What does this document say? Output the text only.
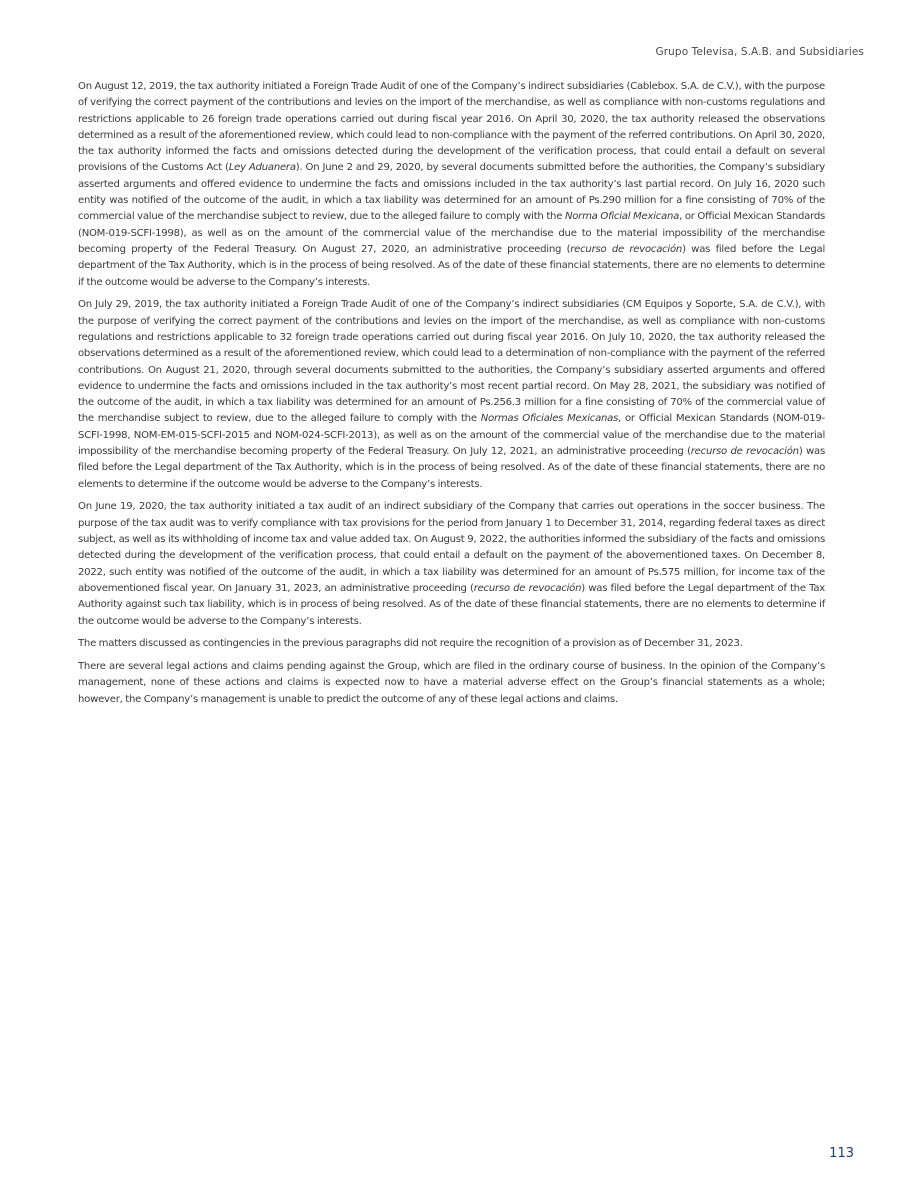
Grupo Televisa, S.A.B. and Subsidiaries

On August 12, 2019, the tax authority initiated a Foreign Trade Audit of one of the Company’s indirect subsidiaries (Cablebox. S.A. de C.V.), with the purpose of verifying the correct payment of the contributions and levies on the import of the merchandise, as well as compliance with non-customs regulations and restrictions applicable to 26 foreign trade operations carried out during fiscal year 2016. On April 30, 2020, the tax authority released the observations determined as a result of the aforementioned review, which could lead to non-compliance with the payment of the referred contributions. On April 30, 2020, the tax authority informed the facts and omissions detected during the development of the verification process, that could entail a default on several provisions of the Customs Act (Ley Aduanera). On June 2 and 29, 2020, by several documents submitted before the authorities, the Company’s subsidiary asserted arguments and offered evidence to undermine the facts and omissions included in the tax authority’s last partial record. On July 16, 2020 such entity was notified of the outcome of the audit, in which a tax liability was determined for an amount of Ps.290 million for a fine consisting of 70% of the commercial value of the merchandise subject to review, due to the alleged failure to comply with the Norma Oficial Mexicana, or Official Mexican Standards (NOM-019-SCFI-1998), as well as on the amount of the commercial value of the merchandise due to the material impossibility of the merchandise becoming property of the Federal Treasury. On August 27, 2020, an administrative proceeding (recurso de revocación) was filed before the Legal department of the Tax Authority, which is in the process of being resolved. As of the date of these financial statements, there are no elements to determine if the outcome would be adverse to the Company’s interests.

On July 29, 2019, the tax authority initiated a Foreign Trade Audit of one of the Company’s indirect subsidiaries (CM Equipos y Soporte, S.A. de C.V.), with the purpose of verifying the correct payment of the contributions and levies on the import of the merchandise, as well as compliance with non-customs regulations and restrictions applicable to 32 foreign trade operations carried out during fiscal year 2016. On July 10, 2020, the tax authority released the observations determined as a result of the aforementioned review, which could lead to a determination of non-compliance with the payment of the referred contributions. On August 21, 2020, through several documents submitted to the authorities, the Company’s subsidiary asserted arguments and offered evidence to undermine the facts and omissions included in the tax authority’s most recent partial record. On May 28, 2021, the subsidiary was notified of the outcome of the audit, in which a tax liability was determined for an amount of Ps.256.3 million for a fine consisting of 70% of the commercial value of the merchandise subject to review, due to the alleged failure to comply with the Normas Oficiales Mexicanas, or Official Mexican Standards (NOM-019- SCFI-1998, NOM-EM-015-SCFI-2015 and NOM-024-SCFI-2013), as well as on the amount of the commercial value of the merchandise due to the material impossibility of the merchandise becoming property of the Federal Treasury. On July 12, 2021, an administrative proceeding (recurso de revocación) was filed before the Legal department of the Tax Authority, which is in the process of being resolved. As of the date of these financial statements, there are no elements to determine if the outcome would be adverse to the Company’s interests.

On June 19, 2020, the tax authority initiated a tax audit of an indirect subsidiary of the Company that carries out operations in the soccer business. The purpose of the tax audit was to verify compliance with tax provisions for the period from January 1 to December 31, 2014, regarding federal taxes as direct subject, as well as its withholding of income tax and value added tax. On August 9, 2022, the authorities informed the subsidiary of the facts and omissions detected during the development of the verification process, that could entail a default on the payment of the abovementioned taxes. On December 8, 2022, such entity was notified of the outcome of the audit, in which a tax liability was determined for an amount of Ps.575 million, for income tax of the abovementioned fiscal year. On January 31, 2023, an administrative proceeding (recurso de revocación) was filed before the Legal department of the Tax Authority against such tax liability, which is in process of being resolved. As of the date of these financial statements, there are no elements to determine if the outcome would be adverse to the Company’s interests.

The matters discussed as contingencies in the previous paragraphs did not require the recognition of a provision as of December 31, 2023.

There are several legal actions and claims pending against the Group, which are filed in the ordinary course of business. In the opinion of the Company’s management, none of these actions and claims is expected now to have a material adverse effect on the Group’s financial statements as a whole; however, the Company’s management is unable to predict the outcome of any of these legal actions and claims.

113
